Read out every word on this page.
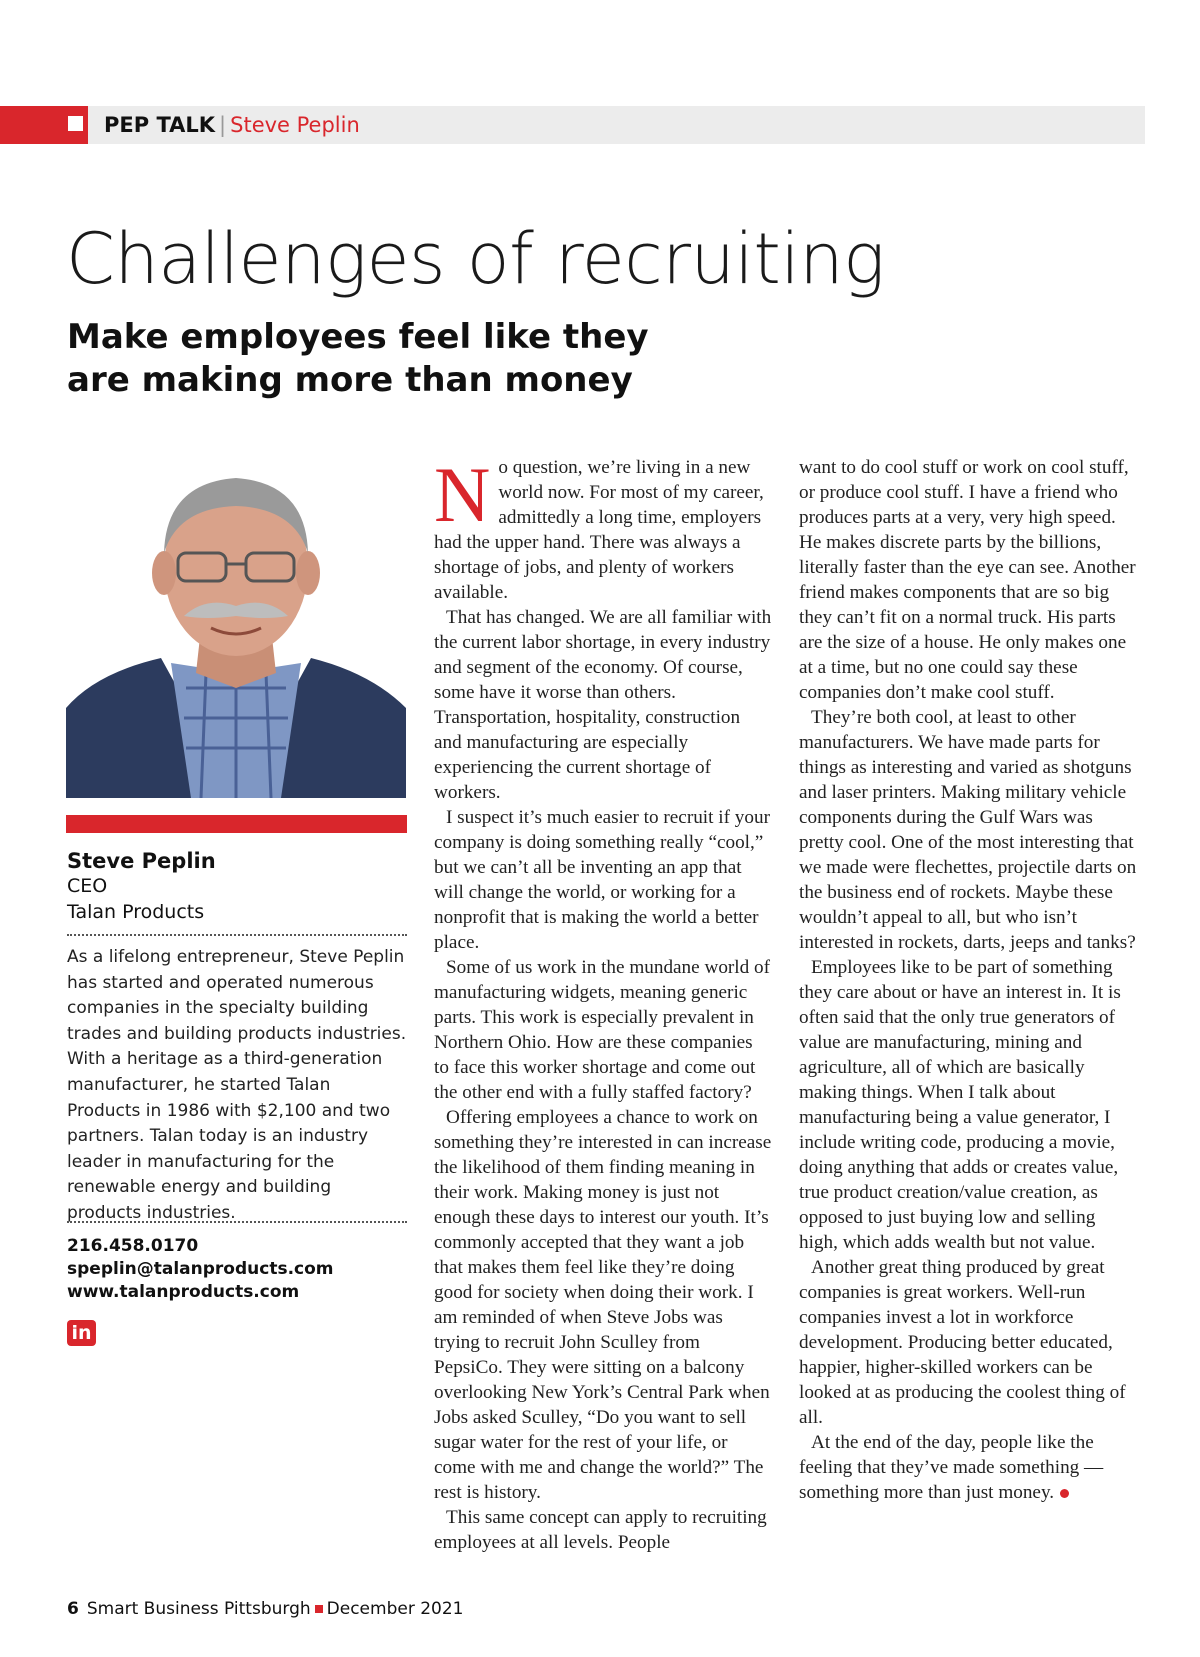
PEP TALK | Steve Peplin
Challenges of recruiting
Make employees feel like they are making more than money
Steve Peplin
CEO
Talan Products

As a lifelong entrepreneur, Steve Peplin has started and operated numerous companies in the specialty building trades and building products industries. With a heritage as a third-generation manufacturer, he started Talan Products in 1986 with $2,100 and two partners. Talan today is an industry leader in manufacturing for the renewable energy and building products industries.

216.458.0170
speplin@talanproducts.com
www.talanproducts.com
in

No question, we’re living in a new world now. For most of my career, admittedly a long time, employers had the upper hand. There was always a shortage of jobs, and plenty of workers available.

That has changed. We are all familiar with the current labor shortage, in every industry and segment of the economy. Of course, some have it worse than others. Transportation, hospitality, construction and manufacturing are especially experiencing the current shortage of workers.

I suspect it’s much easier to recruit if your company is doing something really “cool,” but we can’t all be inventing an app that will change the world, or working for a nonprofit that is making the world a better place.

Some of us work in the mundane world of manufacturing widgets, meaning generic parts. This work is especially prevalent in Northern Ohio. How are these companies to face this worker shortage and come out the other end with a fully staffed factory?

Offering employees a chance to work on something they’re interested in can increase the likelihood of them finding meaning in their work. Making money is just not enough these days to interest our youth. It’s commonly accepted that they want a job that makes them feel like they’re doing good for society when doing their work. I am reminded of when Steve Jobs was trying to recruit John Sculley from PepsiCo. They were sitting on a balcony overlooking New York’s Central Park when Jobs asked Sculley, “Do you want to sell sugar water for the rest of your life, or come with me and change the world?” The rest is history.

This same concept can apply to recruiting employees at all levels. People

want to do cool stuff or work on cool stuff, or produce cool stuff. I have a friend who produces parts at a very, very high speed. He makes discrete parts by the billions, literally faster than the eye can see. Another friend makes components that are so big they can’t fit on a normal truck. His parts are the size of a house. He only makes one at a time, but no one could say these companies don’t make cool stuff.

They’re both cool, at least to other manufacturers. We have made parts for things as interesting and varied as shotguns and laser printers. Making military vehicle components during the Gulf Wars was pretty cool. One of the most interesting that we made were flechettes, projectile darts on the business end of rockets. Maybe these wouldn’t appeal to all, but who isn’t interested in rockets, darts, jeeps and tanks?

Employees like to be part of something they care about or have an interest in. It is often said that the only true generators of value are manufacturing, mining and agriculture, all of which are basically making things. When I talk about manufacturing being a value generator, I include writing code, producing a movie, doing anything that adds or creates value, true product creation/value creation, as opposed to just buying low and selling high, which adds wealth but not value.

Another great thing produced by great companies is great workers. Well-run companies invest a lot in workforce development. Producing better educated, happier, higher-skilled workers can be looked at as producing the coolest thing of all.

At the end of the day, people like the feeling that they’ve made something — something more than just money.

6 Smart Business Pittsburgh December 2021
